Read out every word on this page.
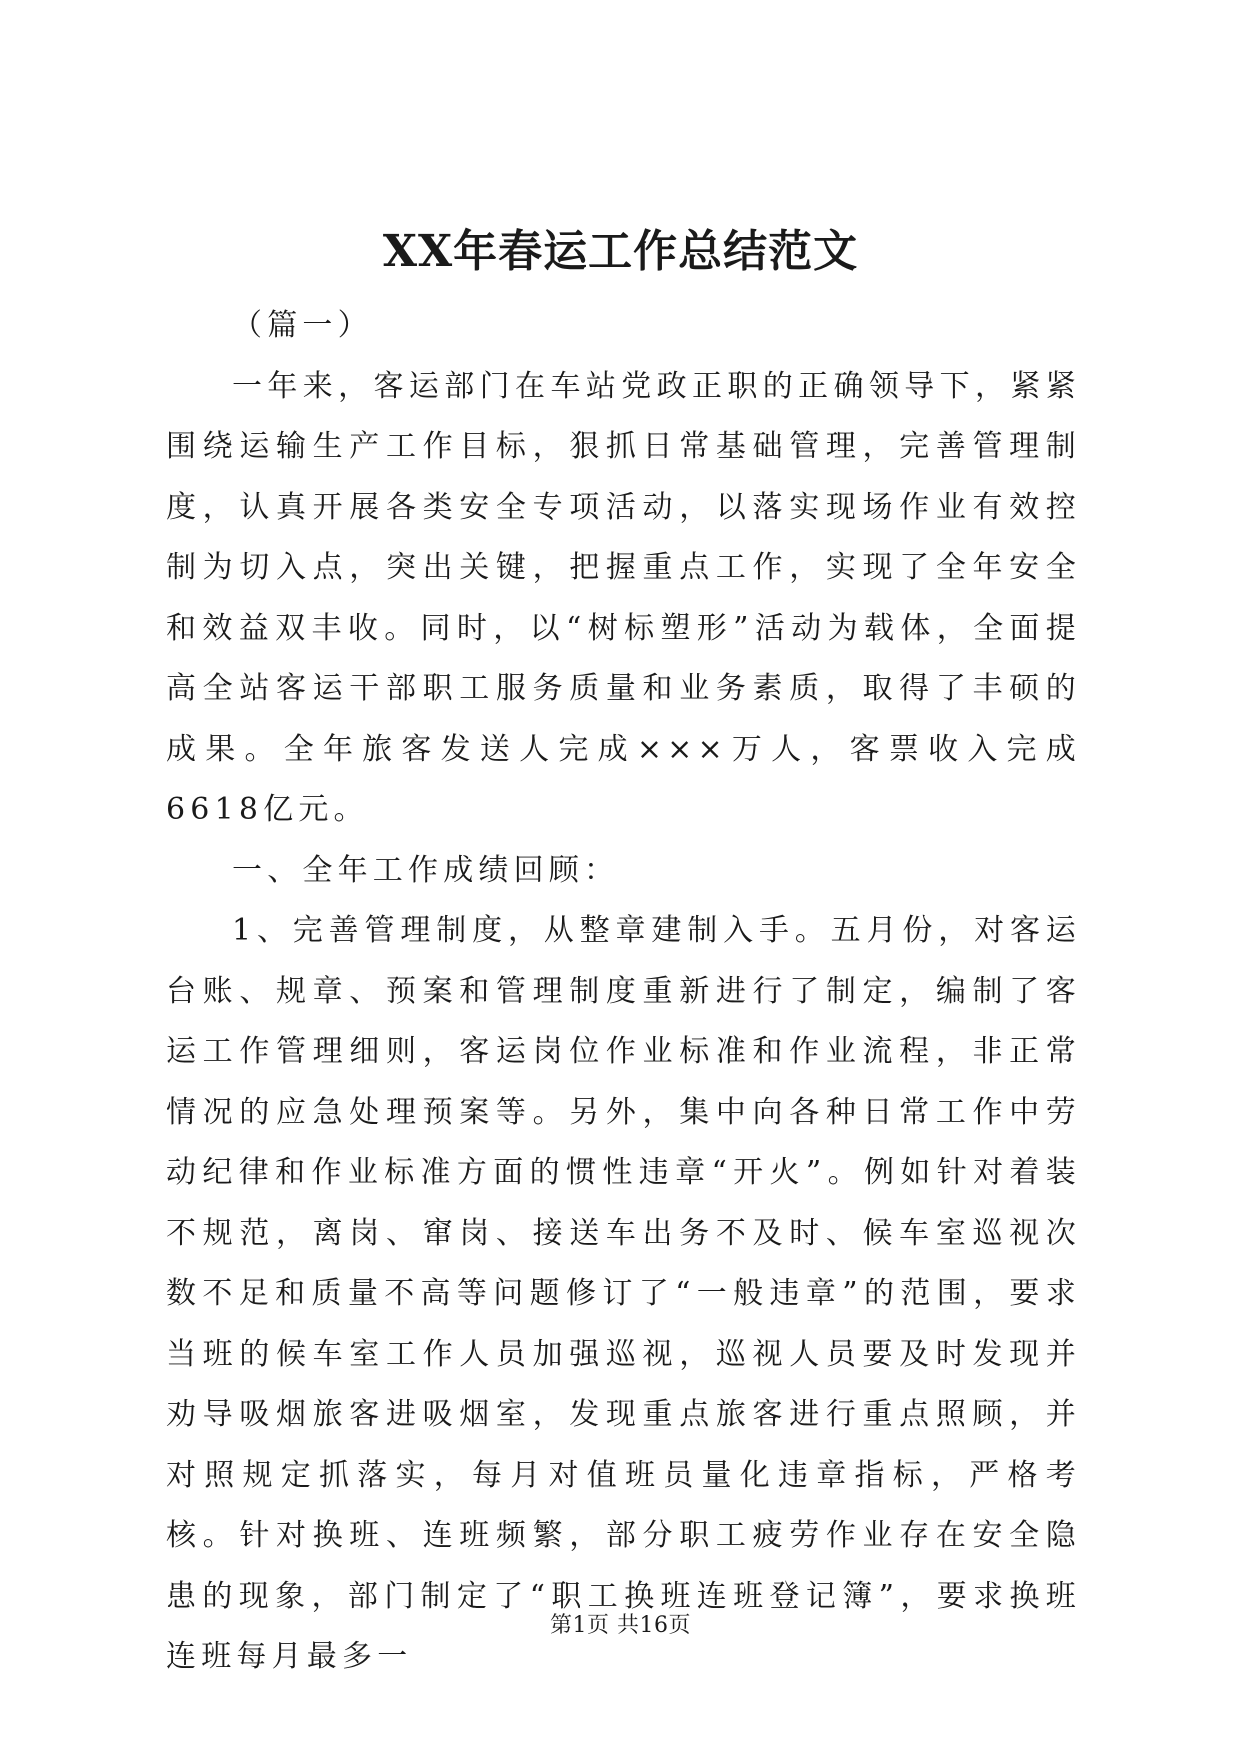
XX年春运工作总结范文

（篇一）

一年来，客运部门在车站党政正职的正确领导下，紧紧围绕运输生产工作目标，狠抓日常基础管理，完善管理制度，认真开展各类安全专项活动，以落实现场作业有效控制为切入点，突出关键，把握重点工作，实现了全年安全和效益双丰收。同时，以“树标塑形”活动为载体，全面提高全站客运干部职工服务质量和业务素质，取得了丰硕的成果。全年旅客发送人完成×××万人，客票收入完成6618亿元。

一、全年工作成绩回顾：

1、完善管理制度，从整章建制入手。五月份，对客运台账、规章、预案和管理制度重新进行了制定，编制了客运工作管理细则，客运岗位作业标准和作业流程，非正常情况的应急处理预案等。另外，集中向各种日常工作中劳动纪律和作业标准方面的惯性违章“开火”。例如针对着装不规范，离岗、窜岗、接送车出务不及时、候车室巡视次数不足和质量不高等问题修订了“一般违章”的范围，要求当班的候车室工作人员加强巡视，巡视人员要及时发现并劝导吸烟旅客进吸烟室，发现重点旅客进行重点照顾，并对照规定抓落实，每月对值班员量化违章指标，严格考核。针对换班、连班频繁，部分职工疲劳作业存在安全隐患的现象，部门制定了“职工换班连班登记簿”，要求换班连班每月最多一

第1页 共16页
